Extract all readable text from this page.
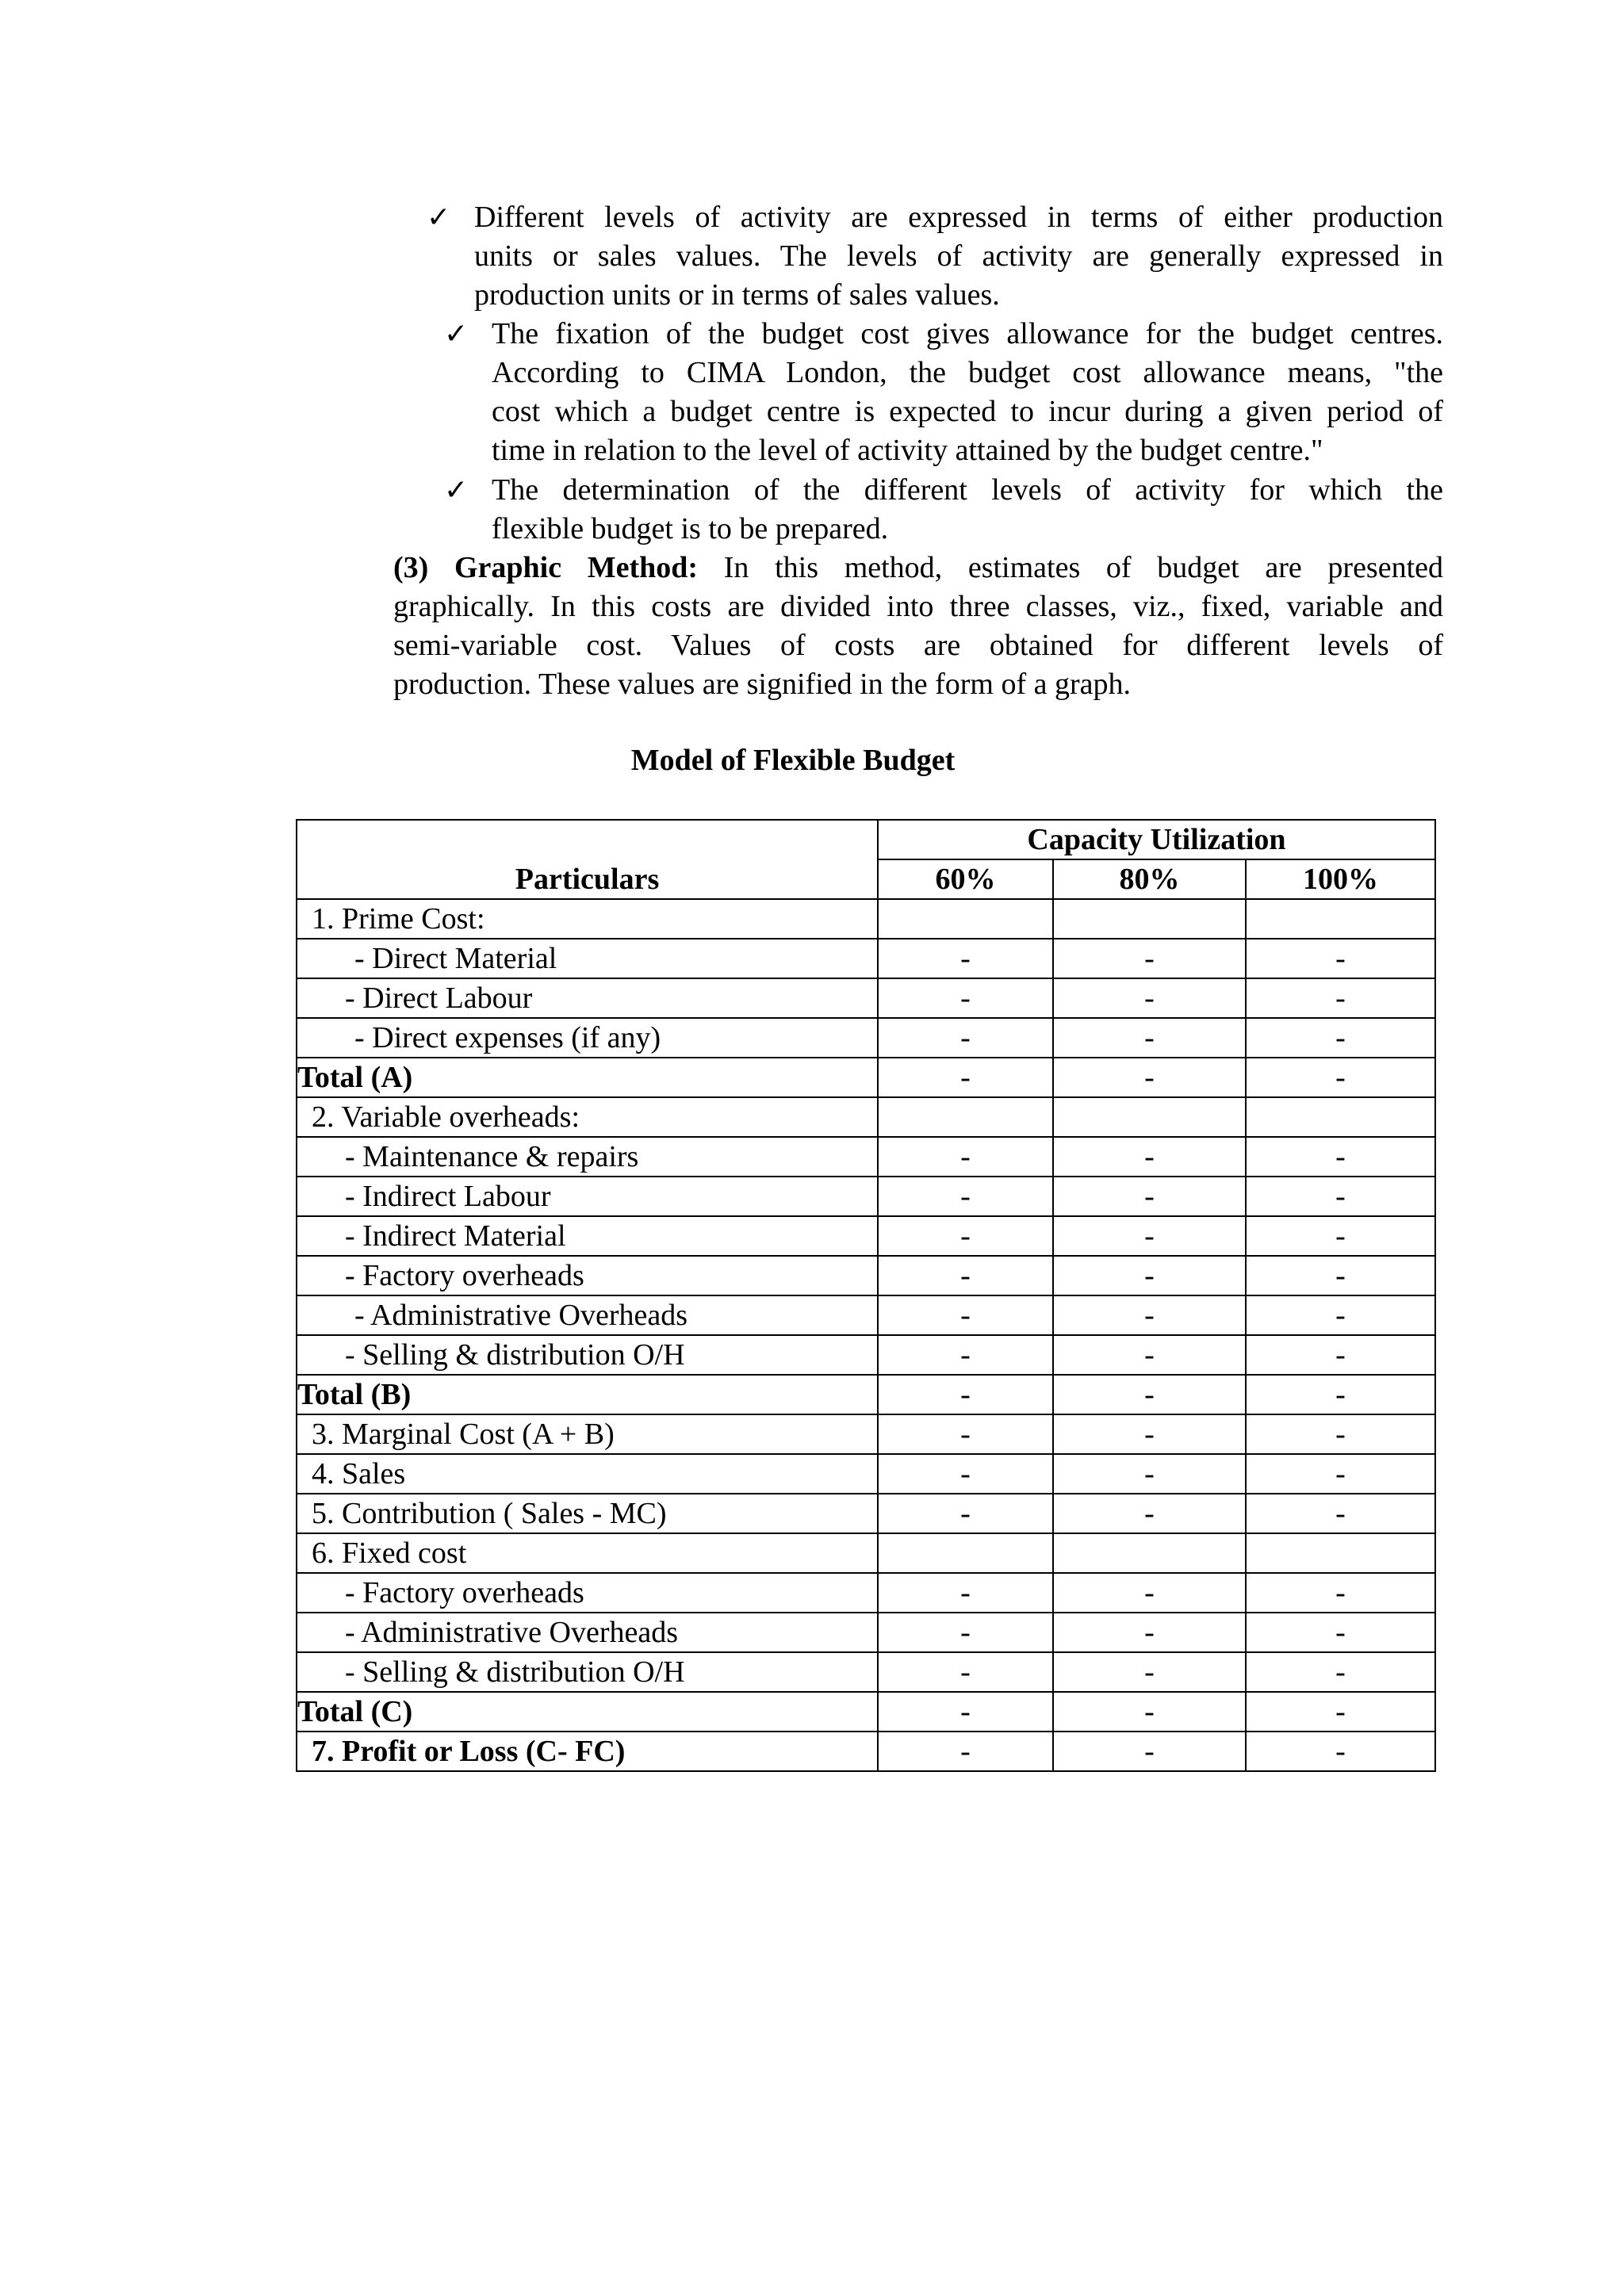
✓ Different levels of activity are expressed in terms of either production
units or sales values. The levels of activity are generally expressed in
production units or in terms of sales values.
✓ The fixation of the budget cost gives allowance for the budget centres.
According to CIMA London, the budget cost allowance means, "the
cost which a budget centre is expected to incur during a given period of
time in relation to the level of activity attained by the budget centre."
✓ The determination of the different levels of activity for which the
flexible budget is to be prepared.
(3) Graphic Method: In this method, estimates of budget are presented
graphically. In this costs are divided into three classes, viz., fixed, variable and
semi-variable cost. Values of costs are obtained for different levels of
production. These values are signified in the form of a graph.
Model of Flexible Budget
Particulars	Capacity Utilization		
	60%	80%	100%
1. Prime Cost:			
- Direct Material	-	-	-
- Direct Labour	-	-	-
- Direct expenses (if any)	-	-	-
Total (A)	-	-	-
2. Variable overheads:			
- Maintenance & repairs	-	-	-
- Indirect Labour	-	-	-
- Indirect Material	-	-	-
- Factory overheads	-	-	-
- Administrative Overheads	-	-	-
- Selling & distribution O/H	-	-	-
Total (B)	-	-	-
3. Marginal Cost (A + B)	-	-	-
4. Sales	-	-	-
5. Contribution ( Sales - MC)	-	-	-
6. Fixed cost			
- Factory overheads	-	-	-
- Administrative Overheads	-	-	-
- Selling & distribution O/H	-	-	-
Total (C)	-	-	-
7. Profit or Loss (C- FC)	-	-	-
